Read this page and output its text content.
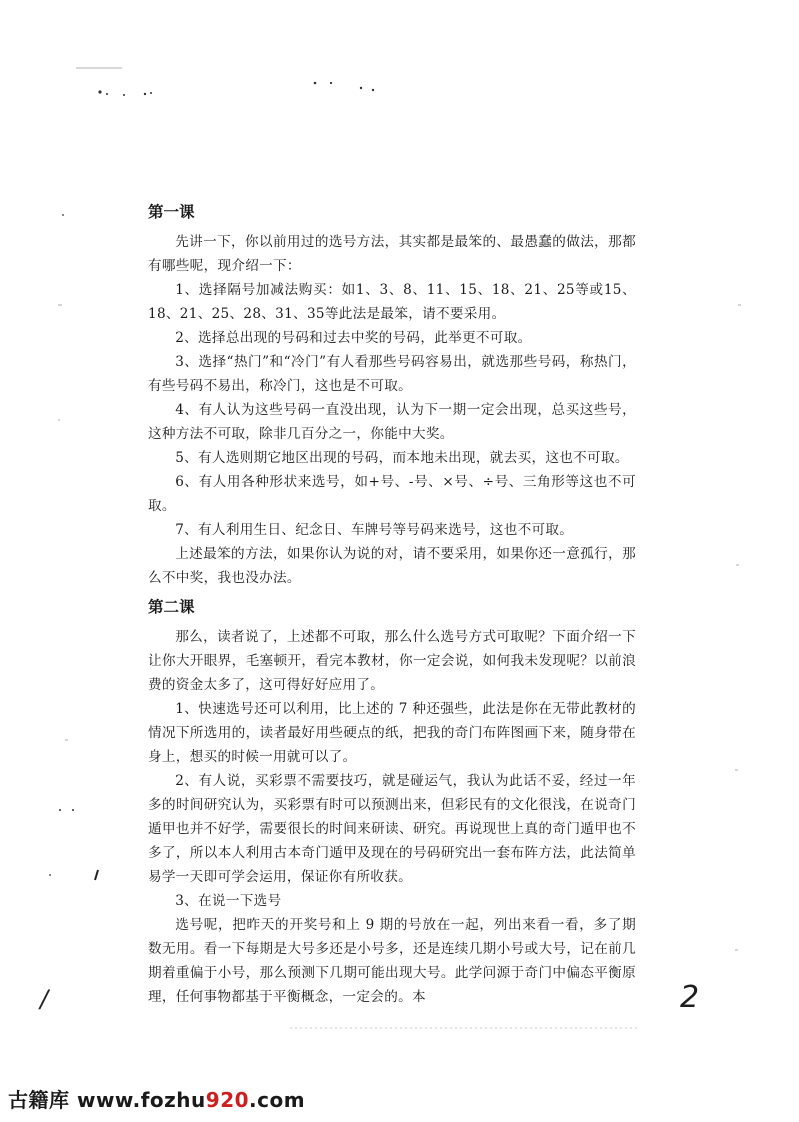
第一课

先讲一下，你以前用过的选号方法，其实都是最笨的、最愚蠢的做法，那都有哪些呢，现介绍一下：

1、选择隔号加减法购买：如1、3、8、11、15、18、21、25等或15、18、21、25、28、31、35等此法是最笨，请不要采用。

2、选择总出现的号码和过去中奖的号码，此举更不可取。

3、选择“热门”和“冷门”有人看那些号码容易出，就选那些号码，称热门，有些号码不易出，称冷门，这也是不可取。

4、有人认为这些号码一直没出现，认为下一期一定会出现，总买这些号，这种方法不可取，除非几百分之一，你能中大奖。

5、有人选则期它地区出现的号码，而本地未出现，就去买，这也不可取。

6、有人用各种形状来选号，如+号、-号、×号、÷号、三角形等这也不可取。

7、有人利用生日、纪念日、车牌号等号码来选号，这也不可取。

上述最笨的方法，如果你认为说的对，请不要采用，如果你还一意孤行，那么不中奖，我也没办法。

第二课

那么，读者说了，上述都不可取，那么什么选号方式可取呢？下面介绍一下让你大开眼界，毛塞顿开，看完本教材，你一定会说，如何我未发现呢？以前浪费的资金太多了，这可得好好应用了。

1、快速选号还可以利用，比上述的 7 种还强些，此法是你在无带此教材的情况下所选用的，读者最好用些硬点的纸，把我的奇门布阵图画下来，随身带在身上，想买的时候一用就可以了。

2、有人说，买彩票不需要技巧，就是碰运气，我认为此话不妥，经过一年多的时间研究认为，买彩票有时可以预测出来，但彩民有的文化很浅，在说奇门遁甲也并不好学，需要很长的时间来研读、研究。再说现世上真的奇门遁甲也不多了，所以本人利用古本奇门遁甲及现在的号码研究出一套布阵方法，此法简单易学一天即可学会运用，保证你有所收获。

3、在说一下选号

选号呢，把昨天的开奖号和上 9 期的号放在一起，列出来看一看，多了期数无用。看一下每期是大号多还是小号多，还是连续几期小号或大号，记在前几期着重偏于小号，那么预测下几期可能出现大号。此学问源于奇门中偏态平衡原理，任何事物都基于平衡概念，一定会的。本

/	2
古籍库 www.fozhu920.com
